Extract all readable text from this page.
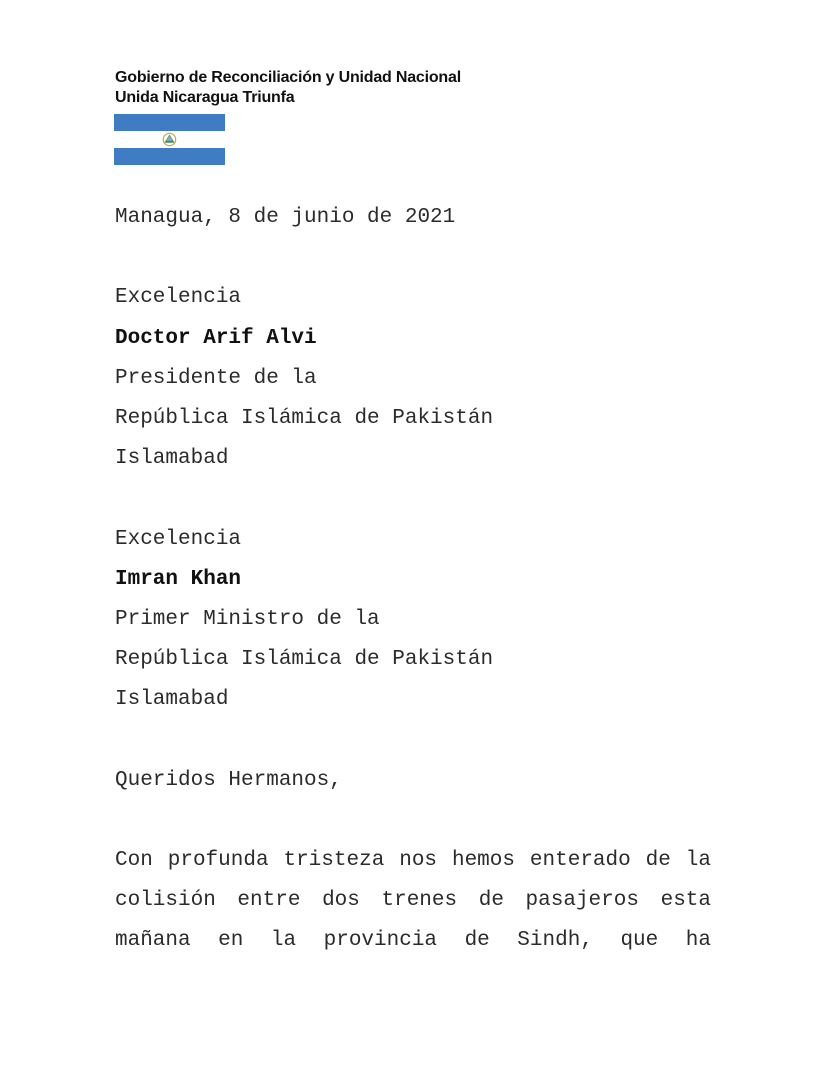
Gobierno de Reconciliación y Unidad Nacional
Unida Nicaragua Triunfa
Managua, 8 de junio de 2021
Excelencia
Doctor Arif Alvi
Presidente de la
República Islámica de Pakistán
Islamabad
Excelencia
Imran Khan
Primer Ministro de la
República Islámica de Pakistán
Islamabad
Queridos Hermanos,
Con profunda tristeza nos hemos enterado de la
colisión entre dos trenes de pasajeros esta
mañana en la provincia de Sindh, que ha
